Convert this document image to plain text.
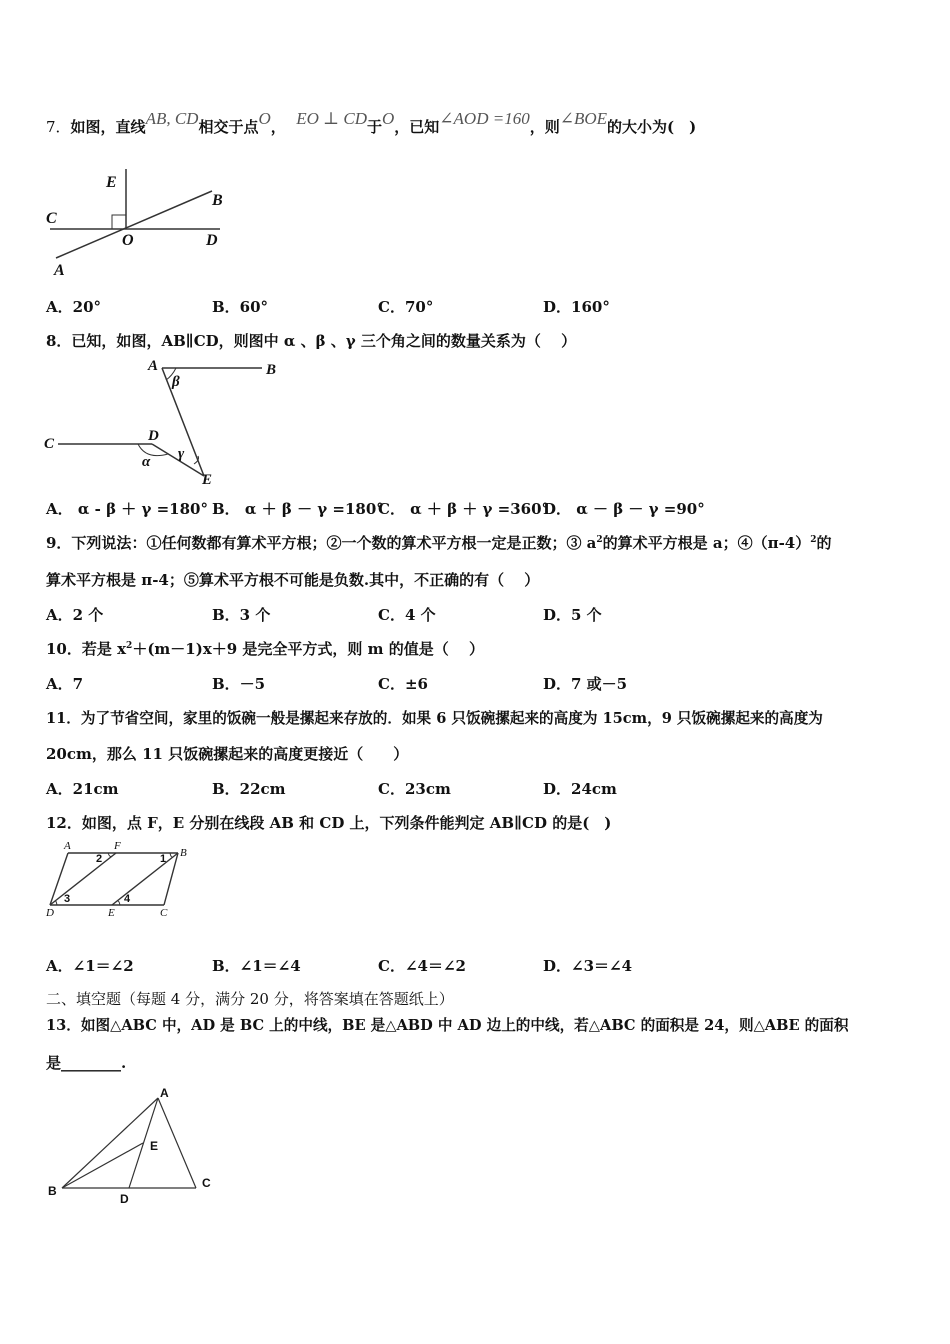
7．如图，直线AB, CD相交于点O， EO ⊥ CD于O，已知∠AOD =160，则∠BOE的大小为(　)
E
B
C
O	D
A
A．20°	B．60°	C．70°	D．160°
8．已知，如图，AB∥CD，则图中 α 、β 、γ 三个角之间的数量关系为（　 ）
A
β
B
C	D
γ
α
E
A． α - β ＋ γ =180° B． α ＋ β － γ =180°
C． α ＋ β ＋ γ =360°
D． α － β － γ =90°
9．下列说法：①任何数都有算术平方根；②一个数的算术平方根一定是正数；③ $a^2$的算术平方根是 a；$④(\pi-4)^2$的
算术平方根是 π-4；⑤算术平方根不可能是负数.其中，不正确的有（　 ）
A．2 个	B．3 个	C．4 个	D．5 个
10．若是 $x^2+(m-1)x+9$ 是完全平方式，则 m 的值是（　 ）
A．7	B．－5	C．±6	D．7 或－5
11．为了节省空间，家里的饭碗一般是摞起来存放的．如果 6 只饭碗摞起来的高度为 15cm，9 只饭碗摞起来的高度为
20cm，那么 11 只饭碗摞起来的高度更接近（　　）
A．21cm	B．22cm	C．23cm	D．24cm
12．如图，点 F，E 分别在线段 AB 和 CD 上，下列条件能判定 AB∥CD 的是(　)
A	F
B
2	1
3	4
D	E	C
A．∠1＝∠2	B．∠1＝∠4	C．∠4＝∠2	D．∠3＝∠4
二、填空题（每题 4 分，满分 20 分，将答案填在答题纸上）
13．如图△ABC 中，AD 是 BC 上的中线，BE 是△ABD 中 AD 边上的中线，若△ABC 的面积是 24，则△ABE 的面积
是________.
A
E
B
D
C
